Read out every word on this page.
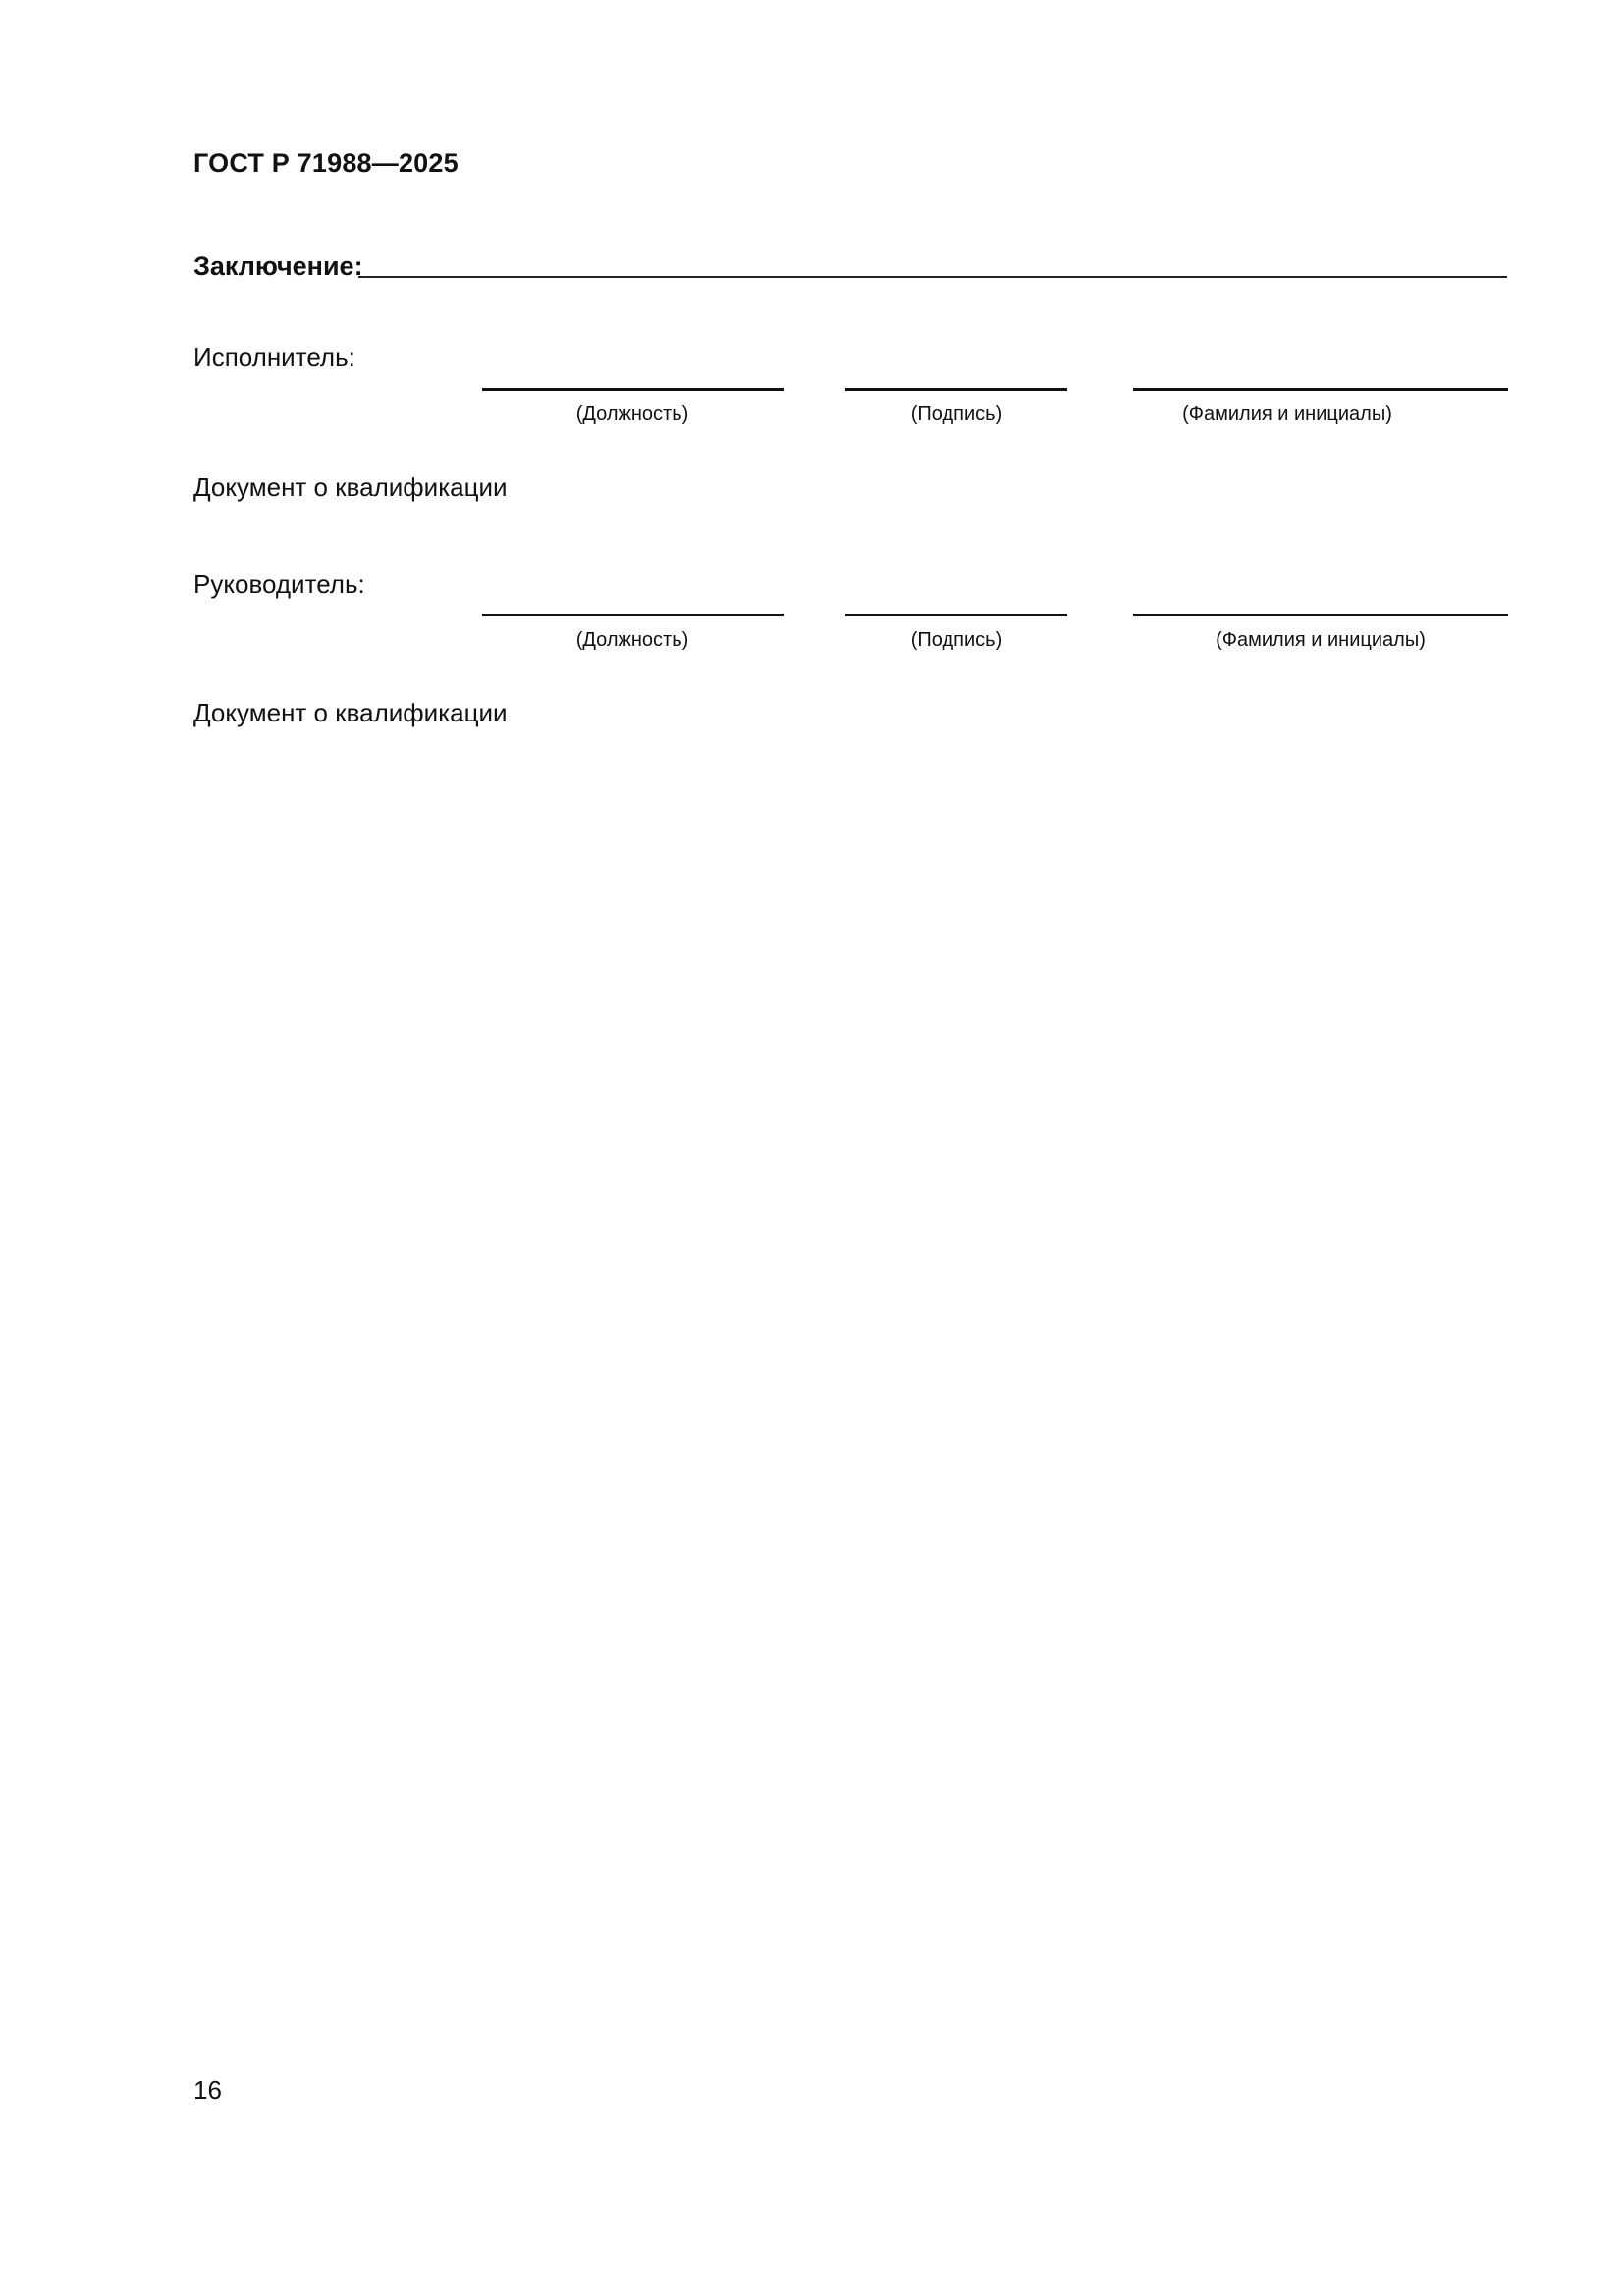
ГОСТ Р 71988—2025
Заключение:
Исполнитель:
(Должность)	(Подпись)	(Фамилия и инициалы)
Документ о квалификации
Руководитель:
(Должность)	(Подпись)	(Фамилия и инициалы)
Документ о квалификации
16
